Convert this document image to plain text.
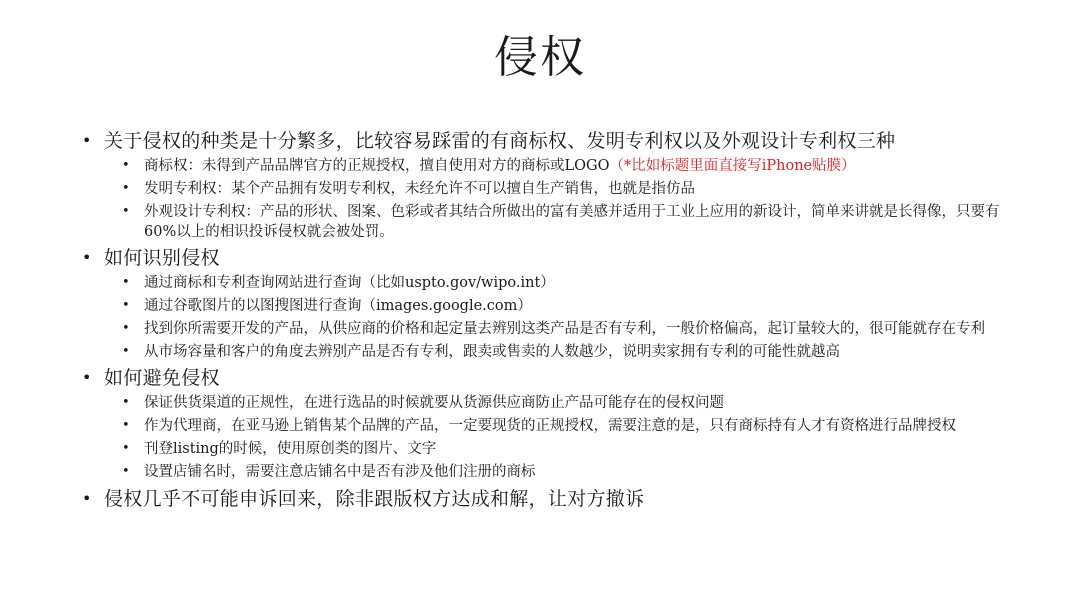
侵权
• 关于侵权的种类是十分繁多，比较容易踩雷的有商标权、发明专利权以及外观设计专利权三种
• 商标权：未得到产品品牌官方的正规授权，擅自使用对方的商标或LOGO（*比如标题里面直接写iPhone贴膜）
• 发明专利权：某个产品拥有发明专利权，未经允许不可以擅自生产销售，也就是指仿品
• 外观设计专利权：产品的形状、图案、色彩或者其结合所做出的富有美感并适用于工业上应用的新设计，简单来讲就是长得像，只要有60%以上的相识投诉侵权就会被处罚。
• 如何识别侵权
• 通过商标和专利查询网站进行查询（比如uspto.gov/wipo.int）
• 通过谷歌图片的以图搜图进行查询（images.google.com）
• 找到你所需要开发的产品，从供应商的价格和起定量去辨别这类产品是否有专利，一般价格偏高，起订量较大的，很可能就存在专利
• 从市场容量和客户的角度去辨别产品是否有专利，跟卖或售卖的人数越少，说明卖家拥有专利的可能性就越高
• 如何避免侵权
• 保证供货渠道的正规性，在进行选品的时候就要从货源供应商防止产品可能存在的侵权问题
• 作为代理商，在亚马逊上销售某个品牌的产品，一定要现货的正规授权，需要注意的是，只有商标持有人才有资格进行品牌授权
• 刊登listing的时候，使用原创类的图片、文字
• 设置店铺名时，需要注意店铺名中是否有涉及他们注册的商标
• 侵权几乎不可能申诉回来，除非跟版权方达成和解，让对方撤诉
